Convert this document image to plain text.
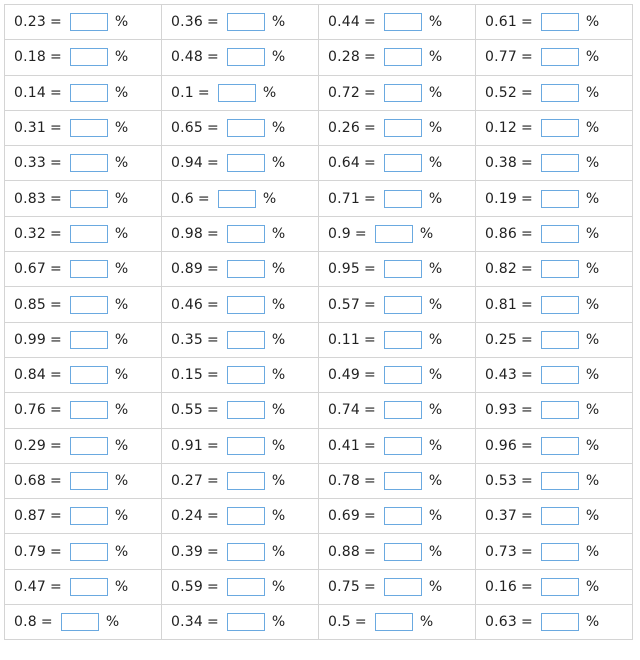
0.23 = %	0.36 = %	0.44 = %	0.61 = %
0.18 = %	0.48 = %	0.28 = %	0.77 = %
0.14 = %	0.1 = %	0.72 = %	0.52 = %
0.31 = %	0.65 = %	0.26 = %	0.12 = %
0.33 = %	0.94 = %	0.64 = %	0.38 = %
0.83 = %	0.6 = %	0.71 = %	0.19 = %
0.32 = %	0.98 = %	0.9 = %	0.86 = %
0.67 = %	0.89 = %	0.95 = %	0.82 = %
0.85 = %	0.46 = %	0.57 = %	0.81 = %
0.99 = %	0.35 = %	0.11 = %	0.25 = %
0.84 = %	0.15 = %	0.49 = %	0.43 = %
0.76 = %	0.55 = %	0.74 = %	0.93 = %
0.29 = %	0.91 = %	0.41 = %	0.96 = %
0.68 = %	0.27 = %	0.78 = %	0.53 = %
0.87 = %	0.24 = %	0.69 = %	0.37 = %
0.79 = %	0.39 = %	0.88 = %	0.73 = %
0.47 = %	0.59 = %	0.75 = %	0.16 = %
0.8 = %	0.34 = %	0.5 = %	0.63 = %
